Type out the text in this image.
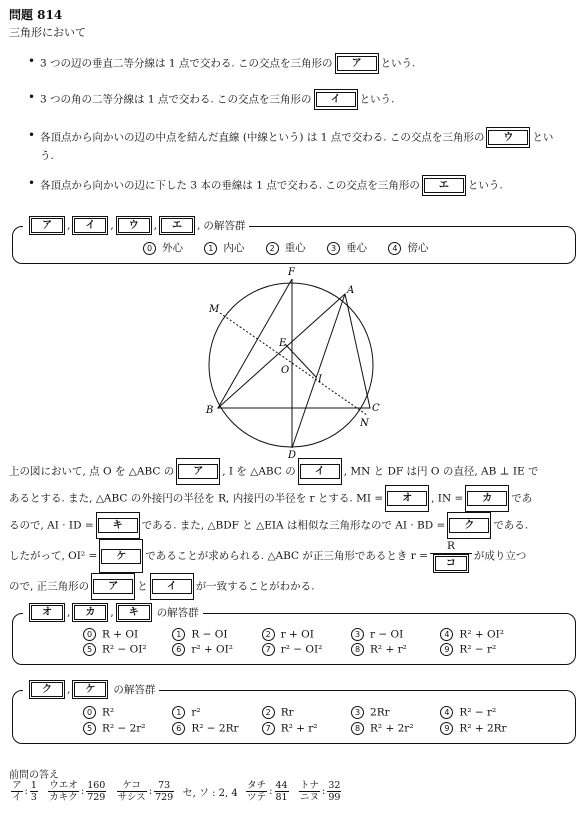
問題 814
三角形において
• 3 つの辺の垂直二等分線は 1 点で交わる. この交点を三角形の ア という.
• 3 つの角の二等分線は 1 点で交わる. この交点を三角形の イ という.
• 各頂点から向かいの辺の中点を結んだ直線 (中線という) は 1 点で交わる. この交点を三角形の ウ という.
• 各頂点から向かいの辺に下した 3 本の垂線は 1 点で交わる. この交点を三角形の エ という.
ア , イ , ウ , エ , の解答群
0 外心	1 内心	2 重心	3 垂心	4 傍心
F
A
M
E
O
I
B	C
N
D
上の図において, 点 O を △ABC の ア , I を △ABC の イ , MN と DF は円 O の直径, AB ⊥ IE で
あるとする. また, △ABC の外接円の半径を R, 内接円の半径を r とする. MI = オ , IN = カ であ
るので, AI · ID = キ である. また, △BDF と △EIA は相似な三角形なので AI · BD = ク である.
したがって, OI² = ケ であることが求められる. △ABC が正三角形であるとき $r = \frac{R}{\text{コ}}$ が成り立つ
ので, 正三角形の ア と イ が一致することがわかる.
オ , カ , キ の解答群
0 R + OI	1 R − OI	2 r + OI	3 r − OI	4 R² + OI²
5 R² − OI²	6 r² + OI²	7 r² − OI²	8 R² + r²	9 R² − r²
ク , ケ の解答群
0 R²	1 r²	2 Rr	3 2Rr	4 R² − r²
5 R² − 2r²	6 R² − 2Rr	7 R² + r²	8 R² + 2r²	9 R² + 2Rr
前問の答え
$\frac{\text{ア}}{\text{イ}}$ : $\frac{1}{3}$
$\frac{\text{ウエオ}}{\text{カキク}}$ : $\frac{160}{729}$
$\frac{\text{ケコ}}{\text{サシス}}$ : $\frac{73}{729}$ セ, ソ : 2, $4 \frac{\text{タチ}}{\text{ツテ}}$ : $\frac{44}{81}$
$\frac{\text{トナ}}{\text{ニヌ}}$ : $\frac{32}{99}$
